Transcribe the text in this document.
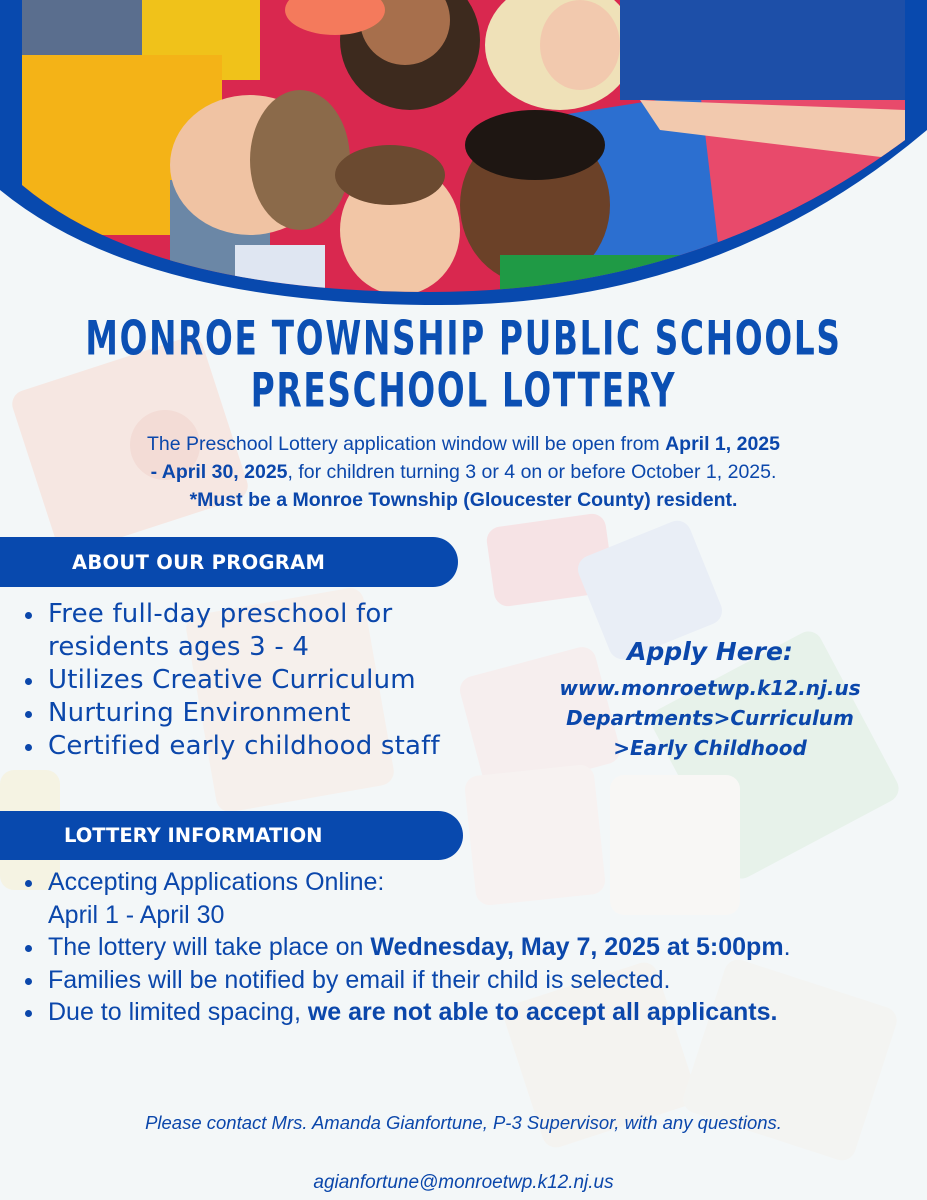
MONROE TOWNSHIP PUBLIC SCHOOLS
PRESCHOOL LOTTERY
The Preschool Lottery application window will be open from April 1, 2025
- April 30, 2025, for children turning 3 or 4 on or before October 1, 2025.
*Must be a Monroe Township (Gloucester County) resident.
ABOUT OUR PROGRAM
Free full-day preschool for
residents ages 3 - 4
Utilizes Creative Curriculum
Nurturing Environment
Certified early childhood staff
Apply Here:
www.monroetwp.k12.nj.us
Departments>Curriculum
>Early Childhood
LOTTERY INFORMATION
Accepting Applications Online:
April 1 - April 30
The lottery will take place on Wednesday, May 7, 2025 at 5:00pm.
Families will be notified by email if their child is selected.
Due to limited spacing, we are not able to accept all applicants.
Please contact Mrs. Amanda Gianfortune, P-3 Supervisor, with any questions.
agianfortune@monroetwp.k12.nj.us
